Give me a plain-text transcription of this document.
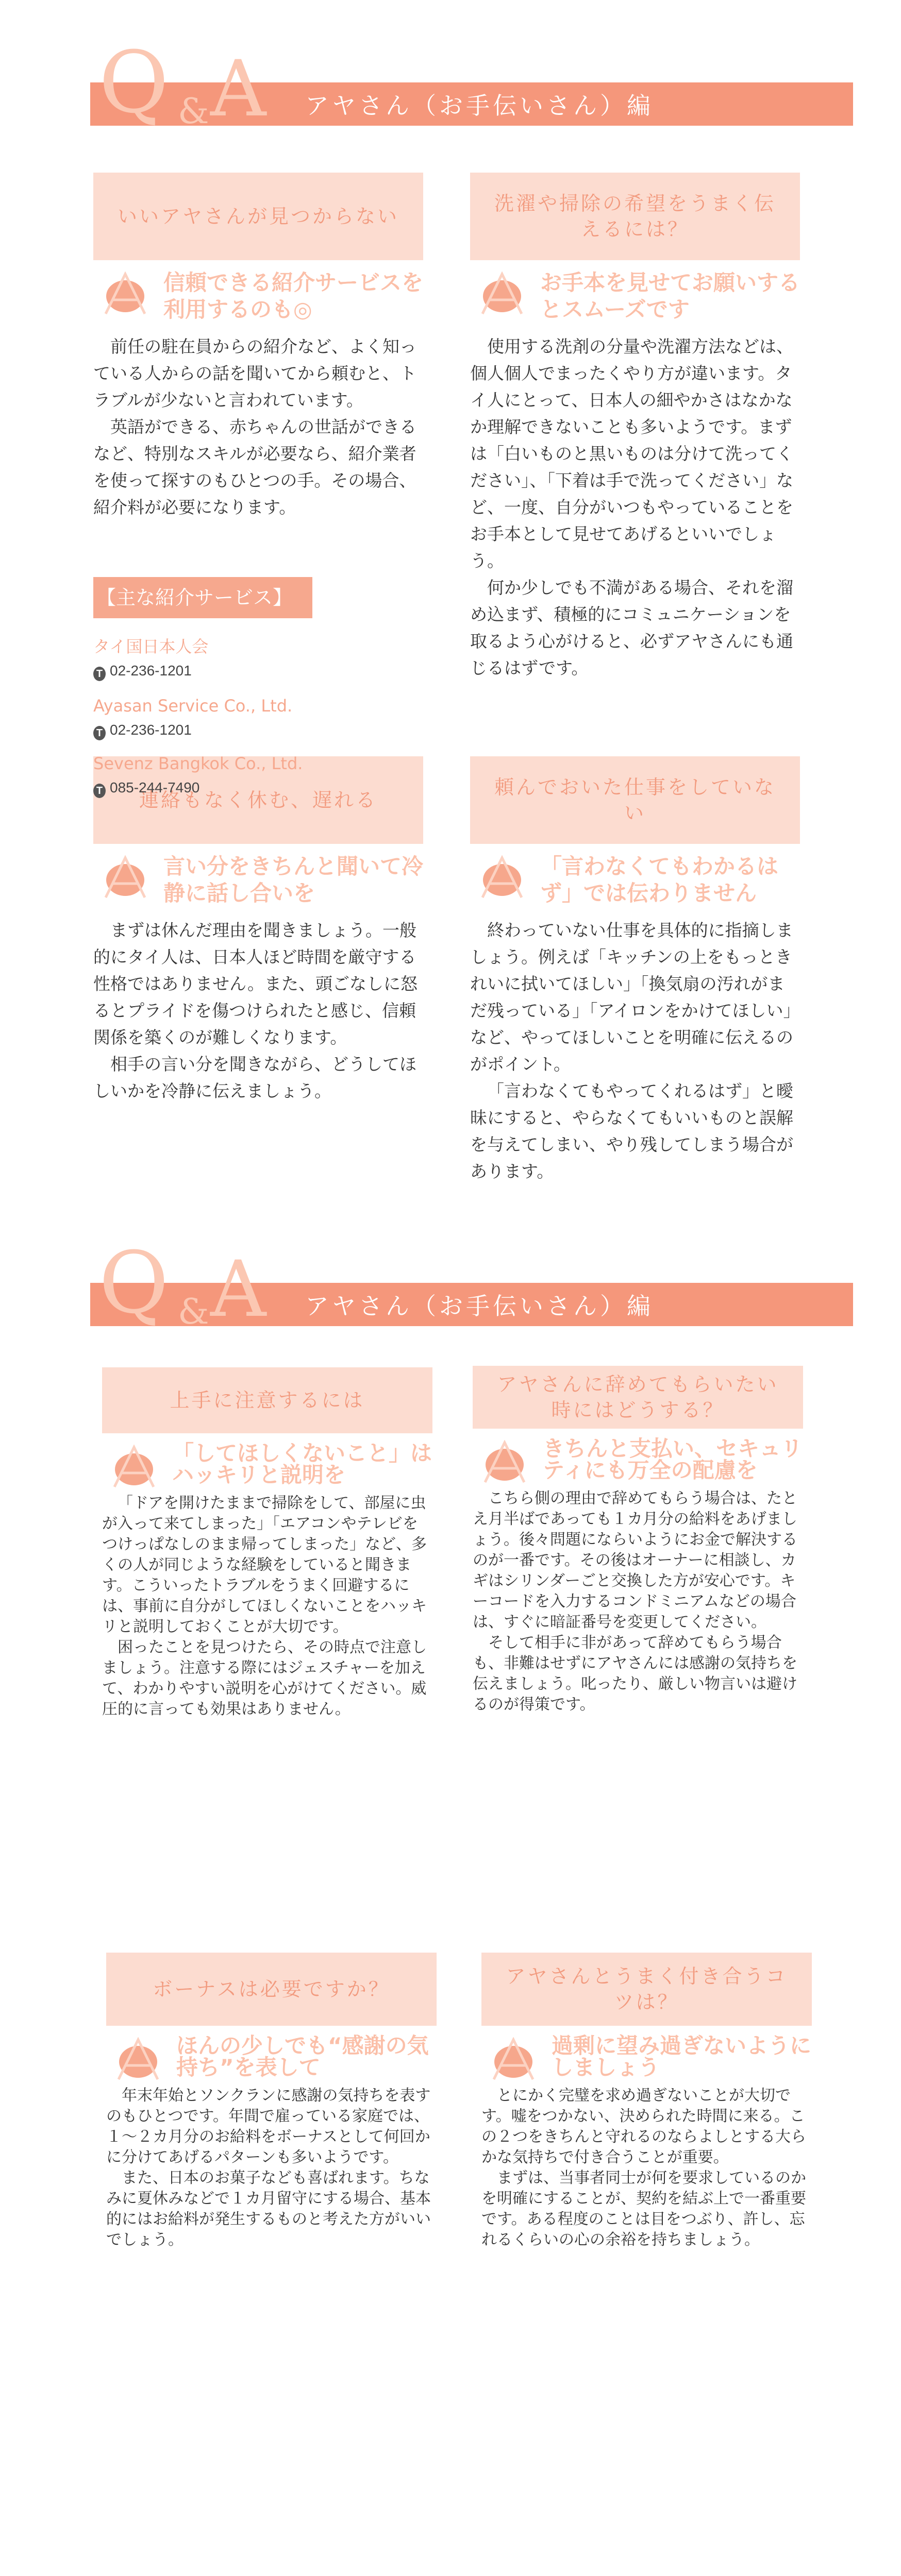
Q & A アヤさん（お手伝いさん）編
いいアヤさんが見つからない
信頼できる紹介サービスを利用するのも◎

前任の駐在員からの紹介など、よく知っている人からの話を聞いてから頼むと、トラブルが少ないと言われています。

英語ができる、赤ちゃんの世話ができるなど、特別なスキルが必要なら、紹介業者を使って探すのもひとつの手。その場合、紹介料が必要になります。

洗濯や掃除の希望をうまく伝えるには？
お手本を見せてお願いするとスムーズです

使用する洗剤の分量や洗濯方法などは、個人個人でまったくやり方が違います。タイ人にとって、日本人の細やかさはなかなか理解できないことも多いようです。まずは「白いものと黒いものは分けて洗ってください」、「下着は手で洗ってください」など、一度、自分がいつもやっていることをお手本として見せてあげるといいでしょう。

何か少しでも不満がある場合、それを溜め込まず、積極的にコミュニケーションを取るよう心がけると、必ずアヤさんにも通じるはずです。

連絡もなく休む、遅れる
言い分をきちんと聞いて冷静に話し合いを

まずは休んだ理由を聞きましょう。一般的にタイ人は、日本人ほど時間を厳守する性格ではありません。また、頭ごなしに怒るとプライドを傷つけられたと感じ、信頼関係を築くのが難しくなります。

相手の言い分を聞きながら、どうしてほしいかを冷静に伝えましょう。

頼んでおいた仕事をしていない
「言わなくてもわかるはず」では伝わりません

終わっていない仕事を具体的に指摘しましょう。例えば「キッチンの上をもっときれいに拭いてほしい」「換気扇の汚れがまだ残っている」「アイロンをかけてほしい」など、やってほしいことを明確に伝えるのがポイント。

「言わなくてもやってくれるはず」と曖昧にすると、やらなくてもいいものと誤解を与えてしまい、やり残してしまう場合があります。

【主な紹介サービス】
タイ国日本人会
T 02-236-1201
Ayasan Service Co., Ltd.
T 02-236-1201
Sevenz Bangkok Co., Ltd.
T 085-244-7490
Q & A アヤさん（お手伝いさん）編
上手に注意するには
「してほしくないこと」はハッキリと説明を

「ドアを開けたままで掃除をして、部屋に虫が入って来てしまった」「エアコンやテレビをつけっぱなしのまま帰ってしまった」など、多くの人が同じような経験をしていると聞きます。こういったトラブルをうまく回避するには、事前に自分がしてほしくないことをハッキリと説明しておくことが大切です。

困ったことを見つけたら、その時点で注意しましょう。注意する際にはジェスチャーを加えて、わかりやすい説明を心がけてください。威圧的に言っても効果はありません。

アヤさんに辞めてもらいたい時にはどうする？
きちんと支払い、セキュリティにも万全の配慮を

こちら側の理由で辞めてもらう場合は、たとえ月半ばであっても１カ月分の給料をあげましょう。後々問題にならいようにお金で解決するのが一番です。その後はオーナーに相談し、カギはシリンダーごと交換した方が安心です。キーコードを入力するコンドミニアムなどの場合は、すぐに暗証番号を変更してください。

そして相手に非があって辞めてもらう場合も、非難はせずにアヤさんには感謝の気持ちを伝えましょう。叱ったり、厳しい物言いは避けるのが得策です。

ボーナスは必要ですか？
ほんの少しでも“感謝の気持ち”を表して

年末年始とソンクランに感謝の気持ちを表すのもひとつです。年間で雇っている家庭では、１～２カ月分のお給料をボーナスとして何回かに分けてあげるパターンも多いようです。

また、日本のお菓子なども喜ばれます。ちなみに夏休みなどで１カ月留守にする場合、基本的にはお給料が発生するものと考えた方がいいでしょう。

アヤさんとうまく付き合うコツは？
過剰に望み過ぎないようにしましょう

とにかく完璧を求め過ぎないことが大切です。嘘をつかない、決められた時間に来る。この２つをきちんと守れるのならよしとする大らかな気持ちで付き合うことが重要。

まずは、当事者同士が何を要求しているのかを明確にすることが、契約を結ぶ上で一番重要です。ある程度のことは目をつぶり、許し、忘れるくらいの心の余裕を持ちましょう。
